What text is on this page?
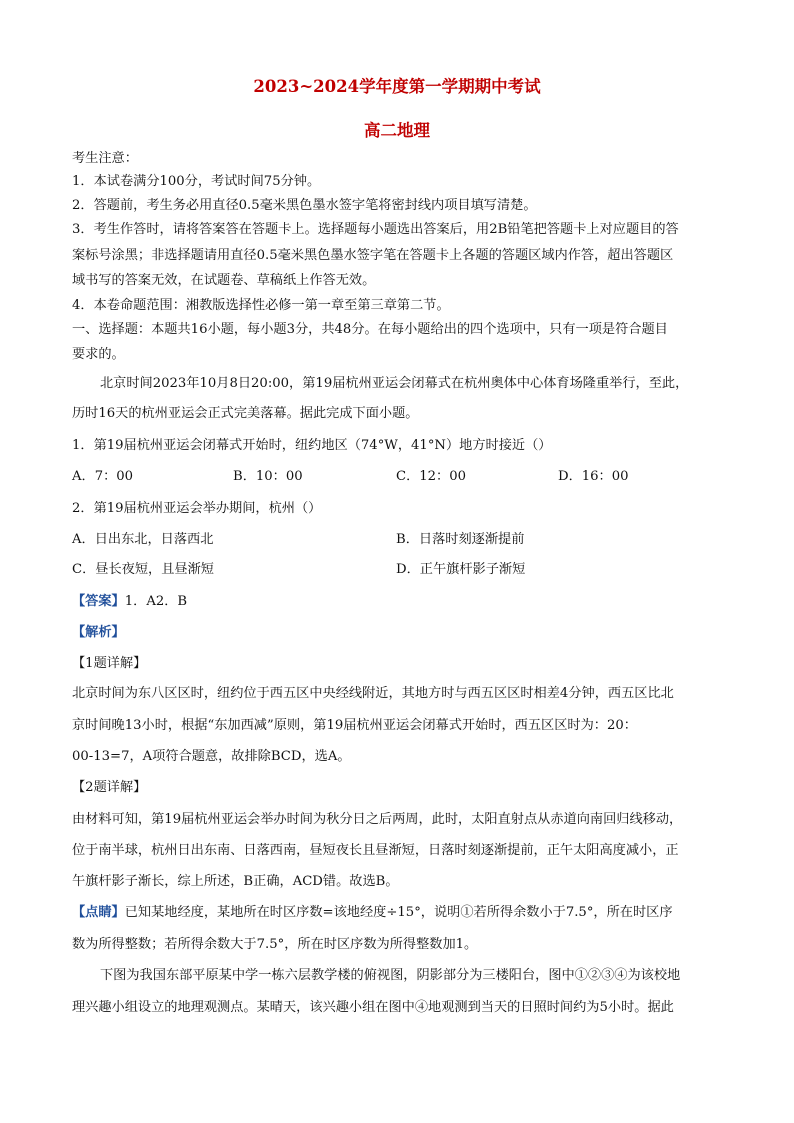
2023~2024学年度第一学期期中考试
高二地理
考生注意：
1．本试卷满分100分，考试时间75分钟。
2．答题前，考生务必用直径0.5毫米黑色墨水签字笔将密封线内项目填写清楚。
3．考生作答时，请将答案答在答题卡上。选择题每小题选出答案后，用2B铅笔把答题卡上对应题目的答
案标号涂黑；非选择题请用直径0.5毫米黑色墨水签字笔在答题卡上各题的答题区域内作答，超出答题区
域书写的答案无效，在试题卷、草稿纸上作答无效。
4．本卷命题范围：湘教版选择性必修一第一章至第三章第二节。
一、选择题：本题共16小题，每小题3分，共48分。在每小题给出的四个选项中，只有一项是符合题目
要求的。
北京时间2023年10月8日20:00，第19届杭州亚运会闭幕式在杭州奥体中心体育场隆重举行，至此，
历时16天的杭州亚运会正式完美落幕。据此完成下面小题。
1．第19届杭州亚运会闭幕式开始时，纽约地区（74°W，41°N）地方时接近（）
A．7：00	B．10：00	C．12：00	D．16：00
2．第19届杭州亚运会举办期间，杭州（）
A．日出东北，日落西北	B．日落时刻逐渐提前
C．昼长夜短，且昼渐短	D．正午旗杆影子渐短
【答案】1．A2．B
【解析】
【1题详解】
北京时间为东八区区时，纽约位于西五区中央经线附近，其地方时与西五区区时相差4分钟，西五区比北
京时间晚13小时，根据“东加西减”原则，第19届杭州亚运会闭幕式开始时，西五区区时为：20：
00-13=7，A项符合题意，故排除BCD，选A。
【2题详解】
由材料可知，第19届杭州亚运会举办时间为秋分日之后两周，此时，太阳直射点从赤道向南回归线移动，
位于南半球，杭州日出东南、日落西南，昼短夜长且昼渐短，日落时刻逐渐提前，正午太阳高度减小，正
午旗杆影子渐长，综上所述，B正确，ACD错。故选B。
【点睛】已知某地经度，某地所在时区序数=该地经度÷15°，说明①若所得余数小于7.5°，所在时区序
数为所得整数；若所得余数大于7.5°，所在时区序数为所得整数加1。
下图为我国东部平原某中学一栋六层教学楼的俯视图，阴影部分为三楼阳台，图中①②③④为该校地
理兴趣小组设立的地理观测点。某晴天，该兴趣小组在图中④地观测到当天的日照时间约为5小时。据此
